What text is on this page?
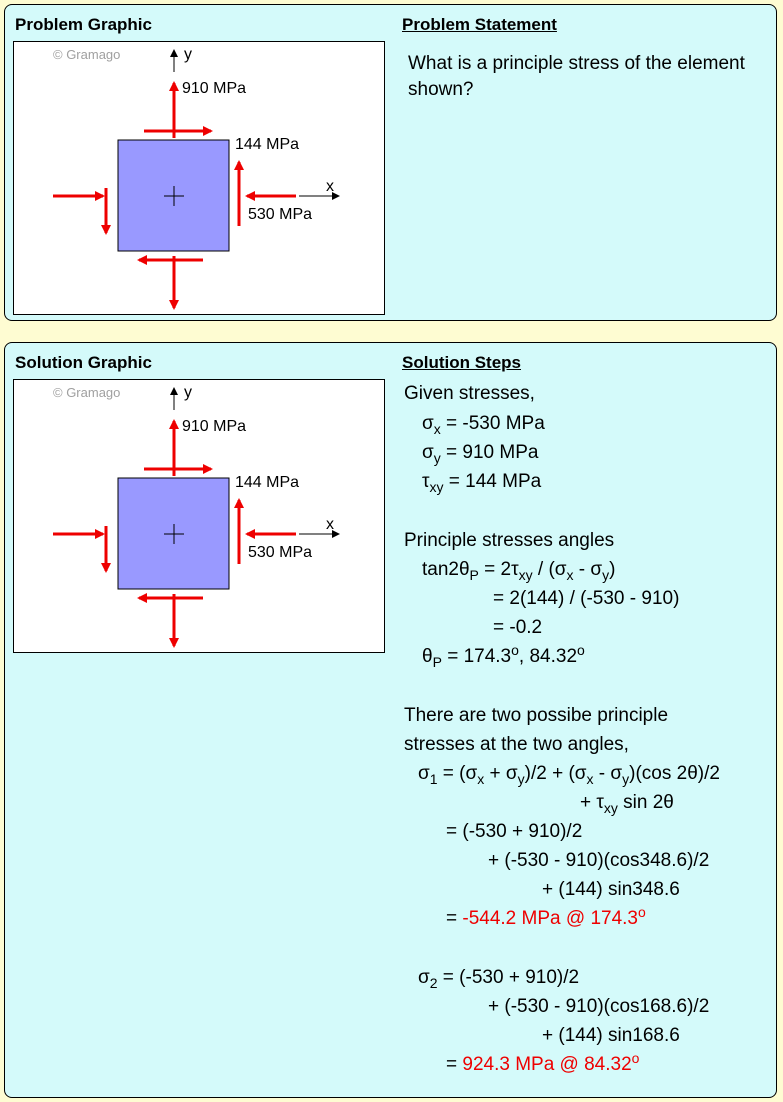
Problem Graphic	Problem Statement
© Gramago	y
x
910 MPa
144 MPa
530 MPa
What is a principle stress of the element shown?
Solution Graphic	Solution Steps
© Gramago	y
x
910 MPa
144 MPa
530 MPa
Given stresses,
$\sigma_x = -530$ MPa
$\sigma_y = 910$ MPa
$\tau_{xy} = 144$ MPa
Principle stresses angles
$\tan 2\theta_P = 2\tau_{xy} / (\sigma_x - \sigma_y)$
= 2(144) / (-530 - 910)
= -0.2
$\theta_P = 174.3^o$, 84.32$^o$
There are two possibe principle
stresses at the two angles,
$\sigma_1 = (\sigma_x + \sigma_y)/2 + (\sigma_x - \sigma_y)(\cos$ 2θ)/2
+ $\tau_{xy}$ sin 2θ
= (-530 + 910)/2
+ (-530 - 910)(cos348.6)/2
+ (144) sin348.6
= -544.2 MPa @ 174.3$^o$
$\sigma_2 = (-530 + 910)/2$
+ (-530 - 910)(cos168.6)/2
+ (144) sin168.6
= 924.3 MPa @ 84.32$^o$
